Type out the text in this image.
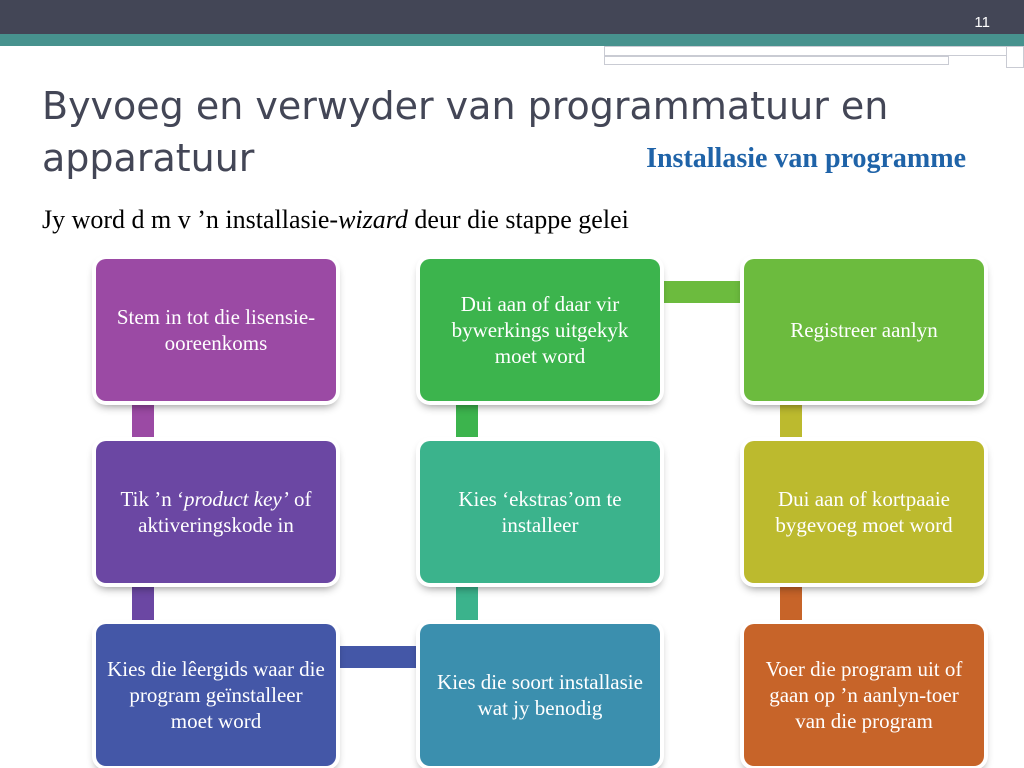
11
Byvoeg en verwyder van programmatuur en apparatuur	Installasie van programme
Jy word d m v ’n installasie-wizard deur die stappe gelei
Stem in tot die lisensie-ooreenkoms
Tik ’n ‘product key’ of aktiveringskode in
Kies die lêergids waar die program geïnstalleer moet word
Dui aan of daar vir bywerkings uitgekyk moet word
Kies ‘ekstras’om te installeer
Kies die soort installasie wat jy benodig
Registreer aanlyn
Dui aan of kortpaaie bygevoeg moet word
Voer die program uit of gaan op ’n aanlyn-toer van die program
